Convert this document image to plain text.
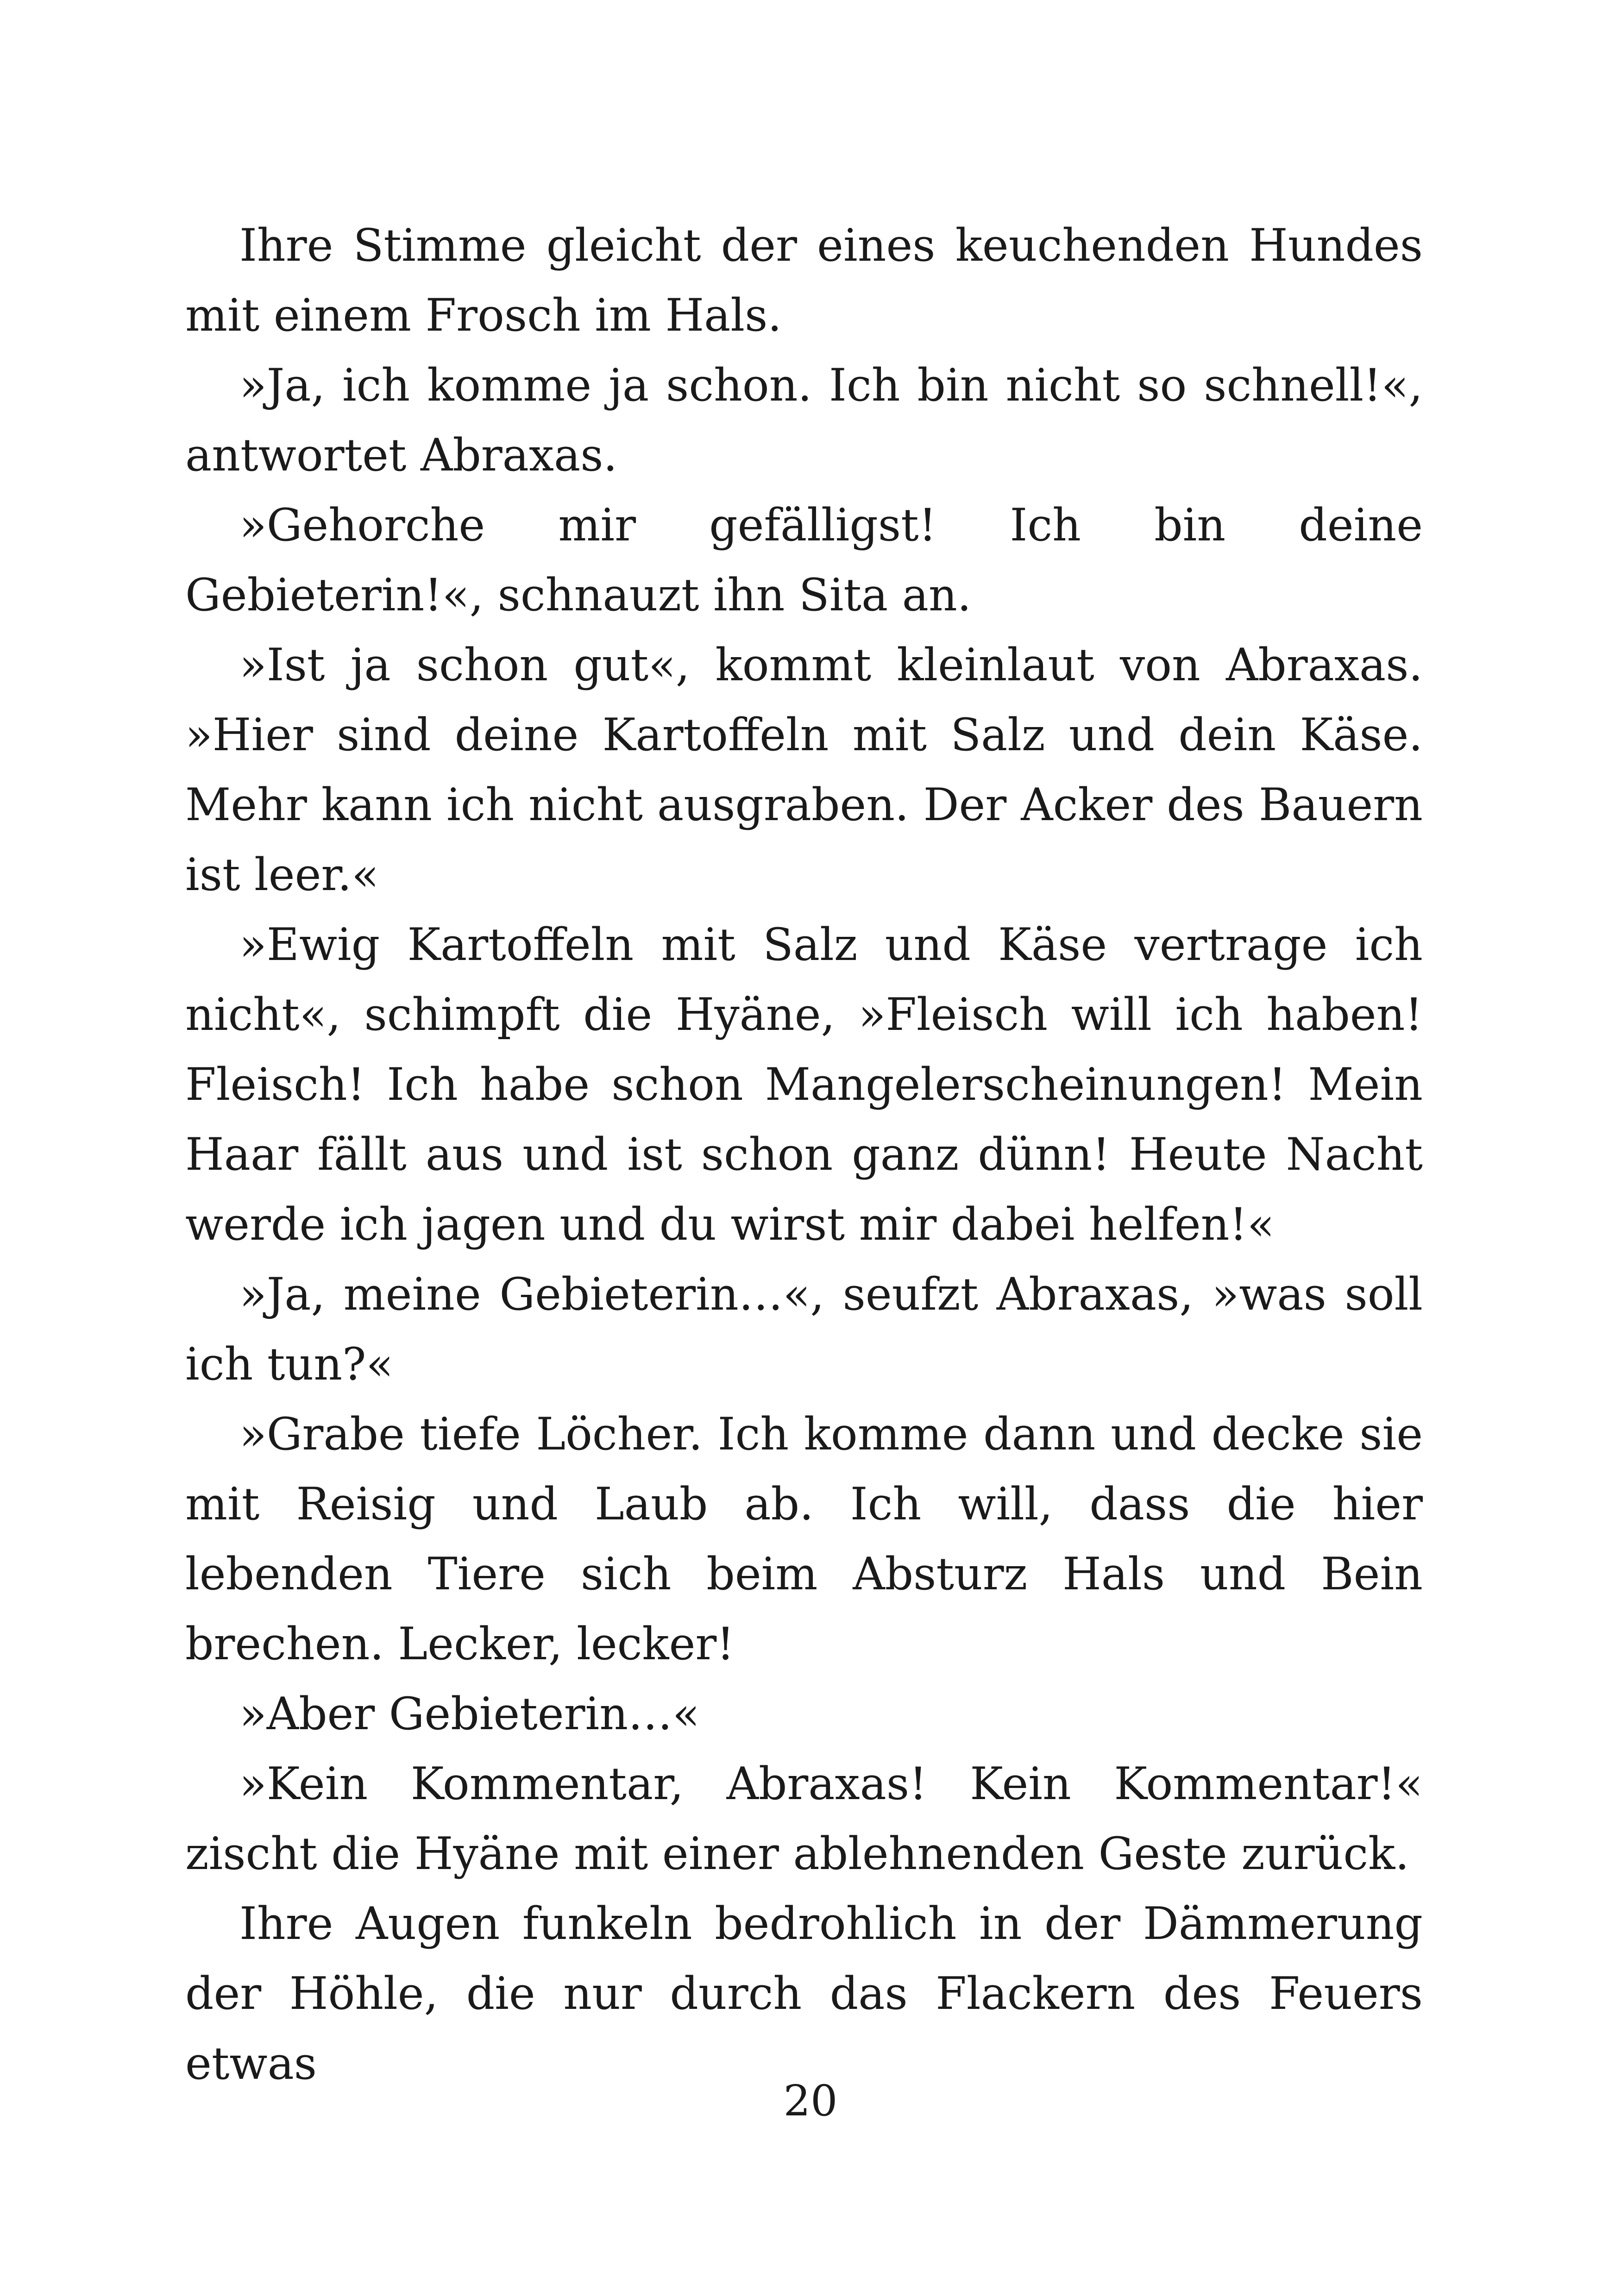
Ihre Stimme gleicht der eines keuchenden Hundes mit einem Frosch im Hals.

»Ja, ich komme ja schon. Ich bin nicht so schnell!«, antwortet Abraxas.

»Gehorche mir gefälligst! Ich bin deine Gebieterin!«, schnauzt ihn Sita an.

»Ist ja schon gut«, kommt kleinlaut von Abraxas. »Hier sind deine Kartoffeln mit Salz und dein Käse. Mehr kann ich nicht ausgraben. Der Acker des Bauern ist leer.«

»Ewig Kartoffeln mit Salz und Käse vertrage ich nicht«, schimpft die Hyäne, »Fleisch will ich haben! Fleisch! Ich habe schon Mangelerscheinungen! Mein Haar fällt aus und ist schon ganz dünn! Heute Nacht werde ich jagen und du wirst mir dabei helfen!«

»Ja, meine Gebieterin…«, seufzt Abraxas, »was soll ich tun?«

»Grabe tiefe Löcher. Ich komme dann und decke sie mit Reisig und Laub ab. Ich will, dass die hier lebenden Tiere sich beim Absturz Hals und Bein brechen. Lecker, lecker!

»Aber Gebieterin…«

»Kein Kommentar, Abraxas! Kein Kommentar!« zischt die Hyäne mit einer ablehnenden Geste zurück.

Ihre Augen funkeln bedrohlich in der Dämmerung der Höhle, die nur durch das Flackern des Feuers etwas

20
